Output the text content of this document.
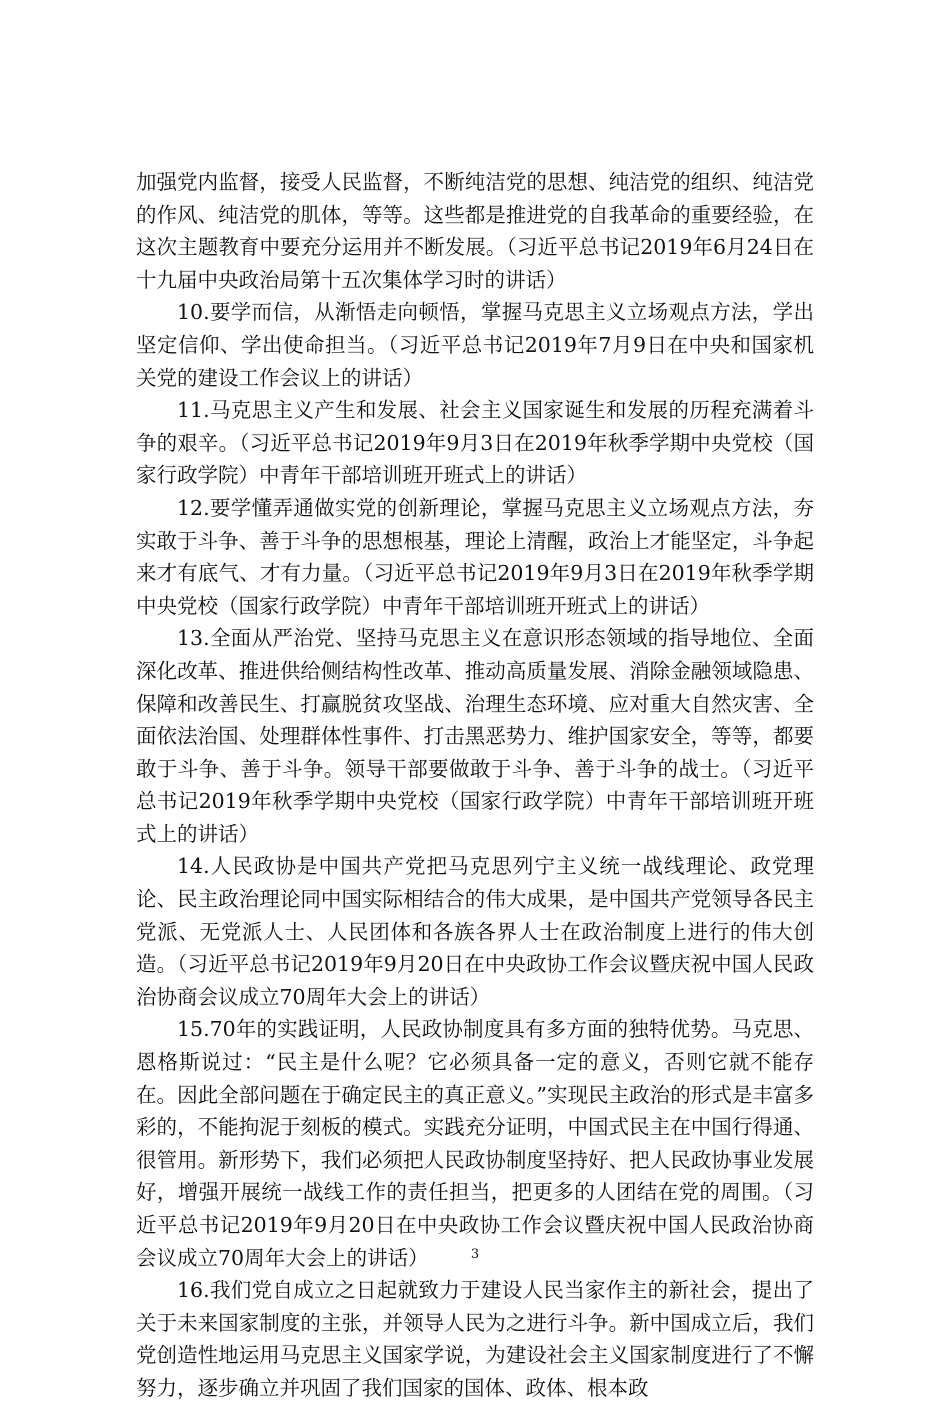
加强党内监督，接受人民监督，不断纯洁党的思想、纯洁党的组织、纯洁党的作风、纯洁党的肌体，等等。这些都是推进党的自我革命的重要经验，在这次主题教育中要充分运用并不断发展。（习近平总书记2019年6月24日在十九届中央政治局第十五次集体学习时的讲话）

10.要学而信，从渐悟走向顿悟，掌握马克思主义立场观点方法，学出坚定信仰、学出使命担当。（习近平总书记2019年7月9日在中央和国家机关党的建设工作会议上的讲话）

11.马克思主义产生和发展、社会主义国家诞生和发展的历程充满着斗争的艰辛。（习近平总书记2019年9月3日在2019年秋季学期中央党校（国家行政学院）中青年干部培训班开班式上的讲话）

12.要学懂弄通做实党的创新理论，掌握马克思主义立场观点方法，夯实敢于斗争、善于斗争的思想根基，理论上清醒，政治上才能坚定，斗争起来才有底气、才有力量。（习近平总书记2019年9月3日在2019年秋季学期中央党校（国家行政学院）中青年干部培训班开班式上的讲话）

13.全面从严治党、坚持马克思主义在意识形态领域的指导地位、全面深化改革、推进供给侧结构性改革、推动高质量发展、消除金融领域隐患、保障和改善民生、打赢脱贫攻坚战、治理生态环境、应对重大自然灾害、全面依法治国、处理群体性事件、打击黑恶势力、维护国家安全，等等，都要敢于斗争、善于斗争。领导干部要做敢于斗争、善于斗争的战士。（习近平总书记2019年秋季学期中央党校（国家行政学院）中青年干部培训班开班式上的讲话）

14.人民政协是中国共产党把马克思列宁主义统一战线理论、政党理论、民主政治理论同中国实际相结合的伟大成果，是中国共产党领导各民主党派、无党派人士、人民团体和各族各界人士在政治制度上进行的伟大创造。（习近平总书记2019年9月20日在中央政协工作会议暨庆祝中国人民政治协商会议成立70周年大会上的讲话）

15.70年的实践证明，人民政协制度具有多方面的独特优势。马克思、恩格斯说过：“民主是什么呢？它必须具备一定的意义，否则它就不能存在。因此全部问题在于确定民主的真正意义。”实现民主政治的形式是丰富多彩的，不能拘泥于刻板的模式。实践充分证明，中国式民主在中国行得通、很管用。新形势下，我们必须把人民政协制度坚持好、把人民政协事业发展好，增强开展统一战线工作的责任担当，把更多的人团结在党的周围。（习近平总书记2019年9月20日在中央政协工作会议暨庆祝中国人民政治协商会议成立70周年大会上的讲话）

16.我们党自成立之日起就致力于建设人民当家作主的新社会，提出了关于未来国家制度的主张，并领导人民为之进行斗争。新中国成立后，我们党创造性地运用马克思主义国家学说，为建设社会主义国家制度进行了不懈努力，逐步确立并巩固了我们国家的国体、政体、根本政

3
